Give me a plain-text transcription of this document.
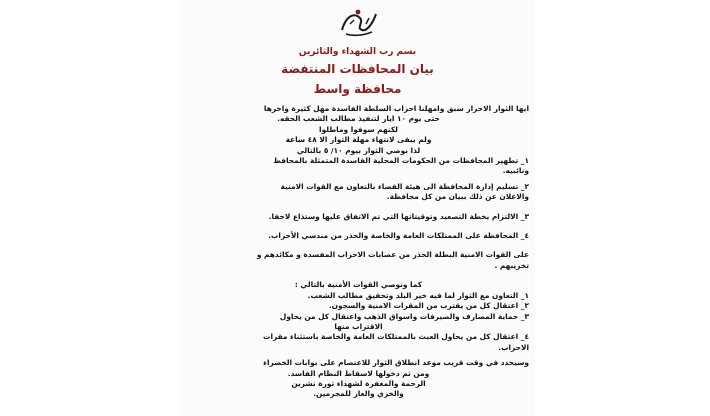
بسم رب الشهداء والثائرين
بيان المحافظات المنتفضة
محافظة واسط
ايها الثوار الاحرار سبق وامهلنا احزاب السلطة الفاسدة مهل كثيرة واخرها
حتى يوم ١٠ ايار لتنفيذ مطالب الشعب الحقه.
لكنهم سوفوا وماطلوا
ولم يبقى لانتهاء مهلة الثوار الا ٤٨ ساعة
لذا نوصي الثوار بيوم ١٠/ ٥ بالتالي
١_ تطهير المحافظات من الحكومات المحلية الفاسدة المتمثلة بالمحافظ
ونائبيه.
٢_ تسليم إدارة المحافظة الى هيئة القضاء بالتعاون مع القوات الامنية
والاعلان عن ذلك ببيان من كل محافظة.
٣_ الالتزام بخطة التصعيد وتوقيتاتها التي تم الاتفاق عليها وستذاع لاحقا.
٤_ المحافظة على الممتلكات العامة والخاصة والحذر من مندسي الأحزاب.
على القوات الامنية البطلة الحذر من عصابات الاحزاب المفسدة و مكائدهم و
تخريبهم .
كما ونوصي القوات الأمنية بالتالي :
١_ التعاون مع الثوار لما فيه خير البلد وتحقيق مطالب الشعب.
٢_ اعتقال كل من يقترب من المقرات الامنية والسجون.
٣_ حماية المصارف والصيرفات واسواق الذهب واعتقال كل من يحاول
الاقتراب منها
٤_ اعتقال كل من يحاول العبث بالممتلكات العامة والخاصة باستثناء مقرات
الاحزاب.
وسيحدد في وقت قريب موعد انطلاق الثوار للاعتصام على بوابات الخضراء
ومن ثم دخولها لاسقاط النظام الفاسد.
الرحمة والمغفرة لشهداء ثورة تشرين
والخزي والعار للمجرمين.
